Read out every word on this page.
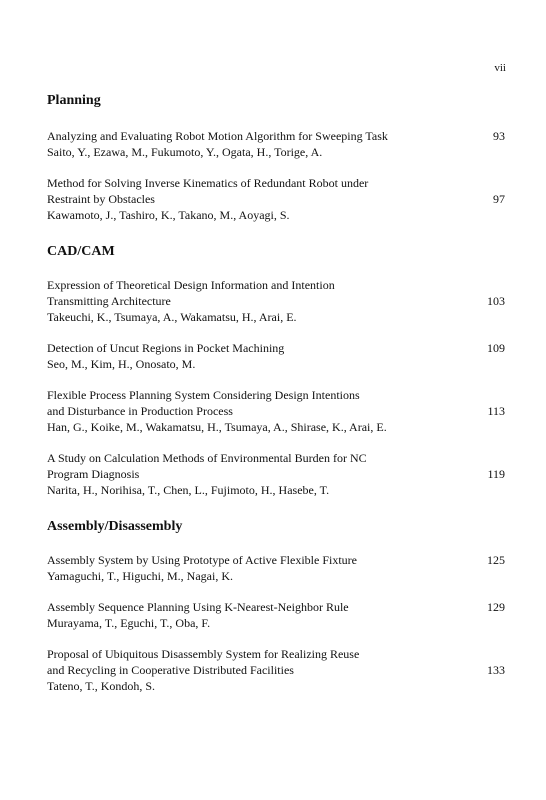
vii
Planning
Analyzing and Evaluating Robot Motion Algorithm for Sweeping Task	93
Saito, Y., Ezawa, M., Fukumoto, Y., Ogata, H., Torige, A.
Method for Solving Inverse Kinematics of Redundant Robot under
Restraint by Obstacles	97
Kawamoto, J., Tashiro, K., Takano, M., Aoyagi, S.
CAD/CAM
Expression of Theoretical Design Information and Intention
Transmitting Architecture	103
Takeuchi, K., Tsumaya, A., Wakamatsu, H., Arai, E.
Detection of Uncut Regions in Pocket Machining	109
Seo, M., Kim, H., Onosato, M.
Flexible Process Planning System Considering Design Intentions
and Disturbance in Production Process	113
Han, G., Koike, M., Wakamatsu, H., Tsumaya, A., Shirase, K., Arai, E.
A Study on Calculation Methods of Environmental Burden for NC
Program Diagnosis	119
Narita, H., Norihisa, T., Chen, L., Fujimoto, H., Hasebe, T.
Assembly/Disassembly
Assembly System by Using Prototype of Active Flexible Fixture	125
Yamaguchi, T., Higuchi, M., Nagai, K.
Assembly Sequence Planning Using K-Nearest-Neighbor Rule	129
Murayama, T., Eguchi, T., Oba, F.
Proposal of Ubiquitous Disassembly System for Realizing Reuse
and Recycling in Cooperative Distributed Facilities	133
Tateno, T., Kondoh, S.
